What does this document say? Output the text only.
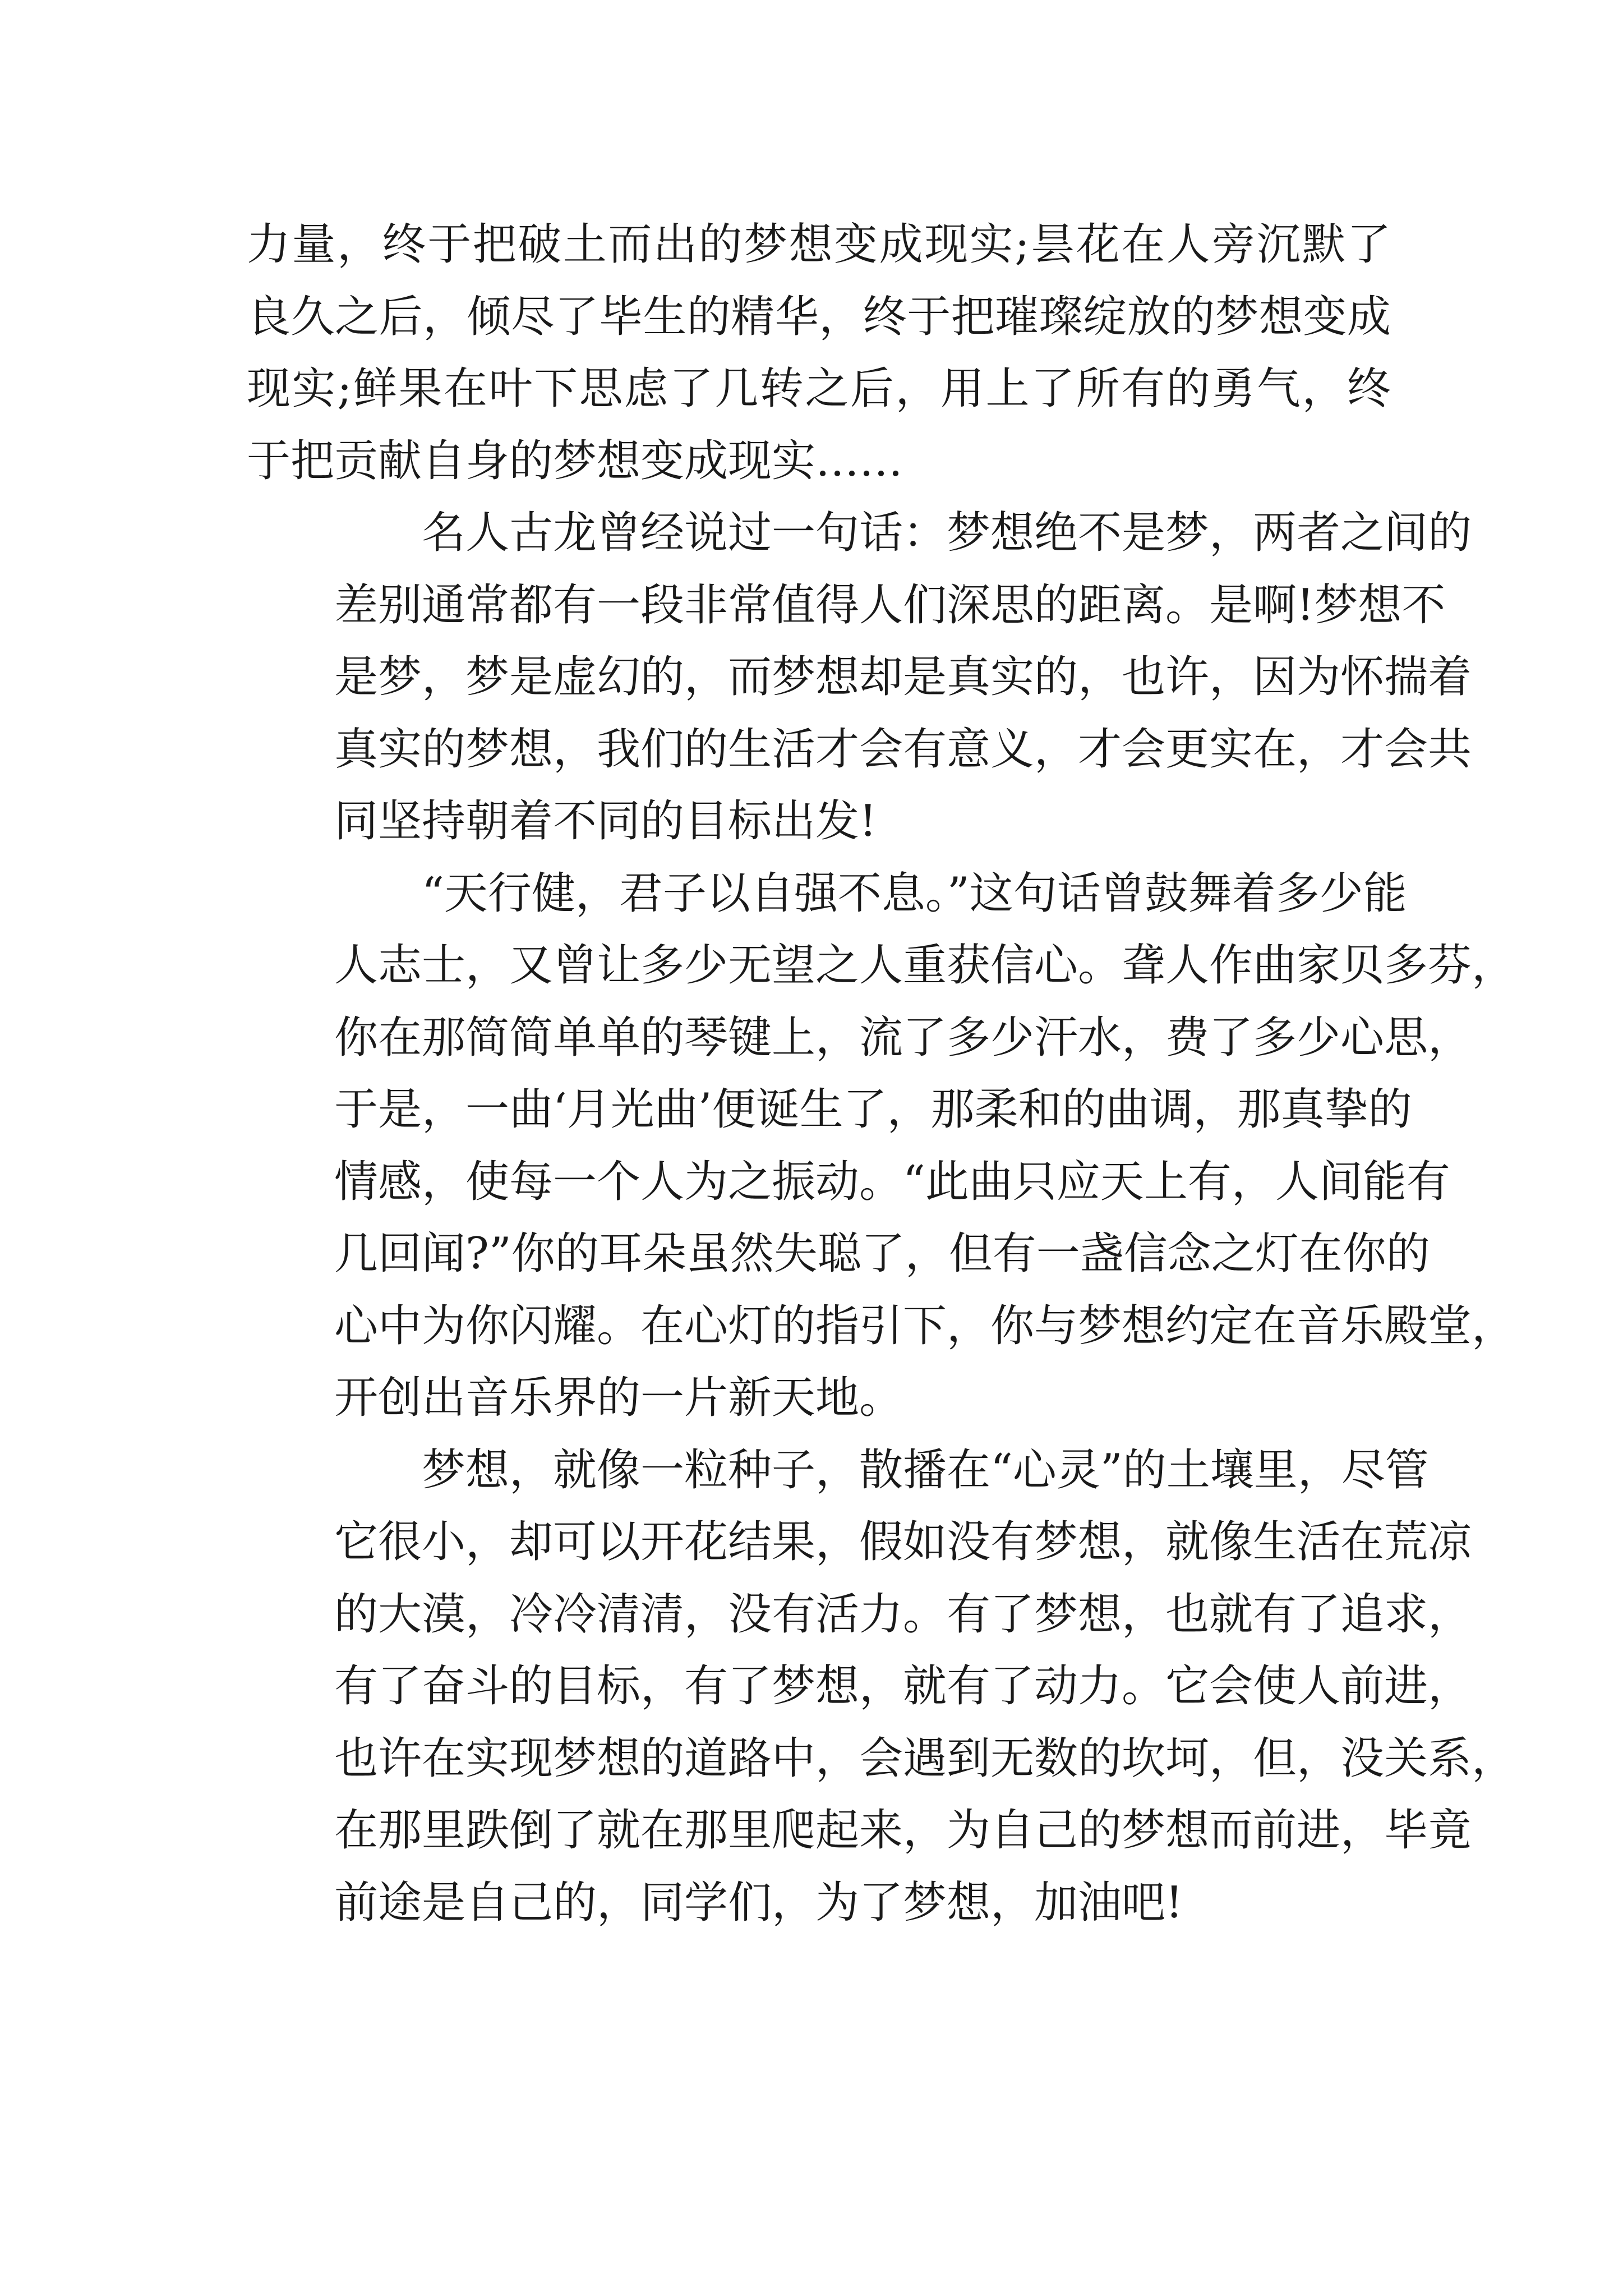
力量，终于把破土而出的梦想变成现实;昙花在人旁沉默了
良久之后，倾尽了毕生的精华，终于把璀璨绽放的梦想变成
现实;鲜果在叶下思虑了几转之后，用上了所有的勇气，终
于把贡献自身的梦想变成现实……

名人古龙曾经说过一句话：梦想绝不是梦，两者之间的
差别通常都有一段非常值得人们深思的距离。是啊!梦想不
是梦，梦是虚幻的，而梦想却是真实的，也许，因为怀揣着
真实的梦想，我们的生活才会有意义，才会更实在，才会共
同坚持朝着不同的目标出发!

“天行健，君子以自强不息。”这句话曾鼓舞着多少能
人志士，又曾让多少无望之人重获信心。聋人作曲家贝多芬，
你在那简简单单的琴键上，流了多少汗水，费了多少心思，
于是，一曲‘月光曲’便诞生了，那柔和的曲调，那真挚的
情感，使每一个人为之振动。“此曲只应天上有，人间能有
几回闻?”你的耳朵虽然失聪了，但有一盏信念之灯在你的
心中为你闪耀。在心灯的指引下，你与梦想约定在音乐殿堂，
开创出音乐界的一片新天地。

梦想，就像一粒种子，散播在“心灵”的土壤里，尽管
它很小，却可以开花结果，假如没有梦想，就像生活在荒凉
的大漠，冷冷清清，没有活力。有了梦想，也就有了追求，
有了奋斗的目标，有了梦想，就有了动力。它会使人前进，
也许在实现梦想的道路中，会遇到无数的坎坷，但，没关系，
在那里跌倒了就在那里爬起来，为自己的梦想而前进，毕竟
前途是自己的，同学们，为了梦想，加油吧!
